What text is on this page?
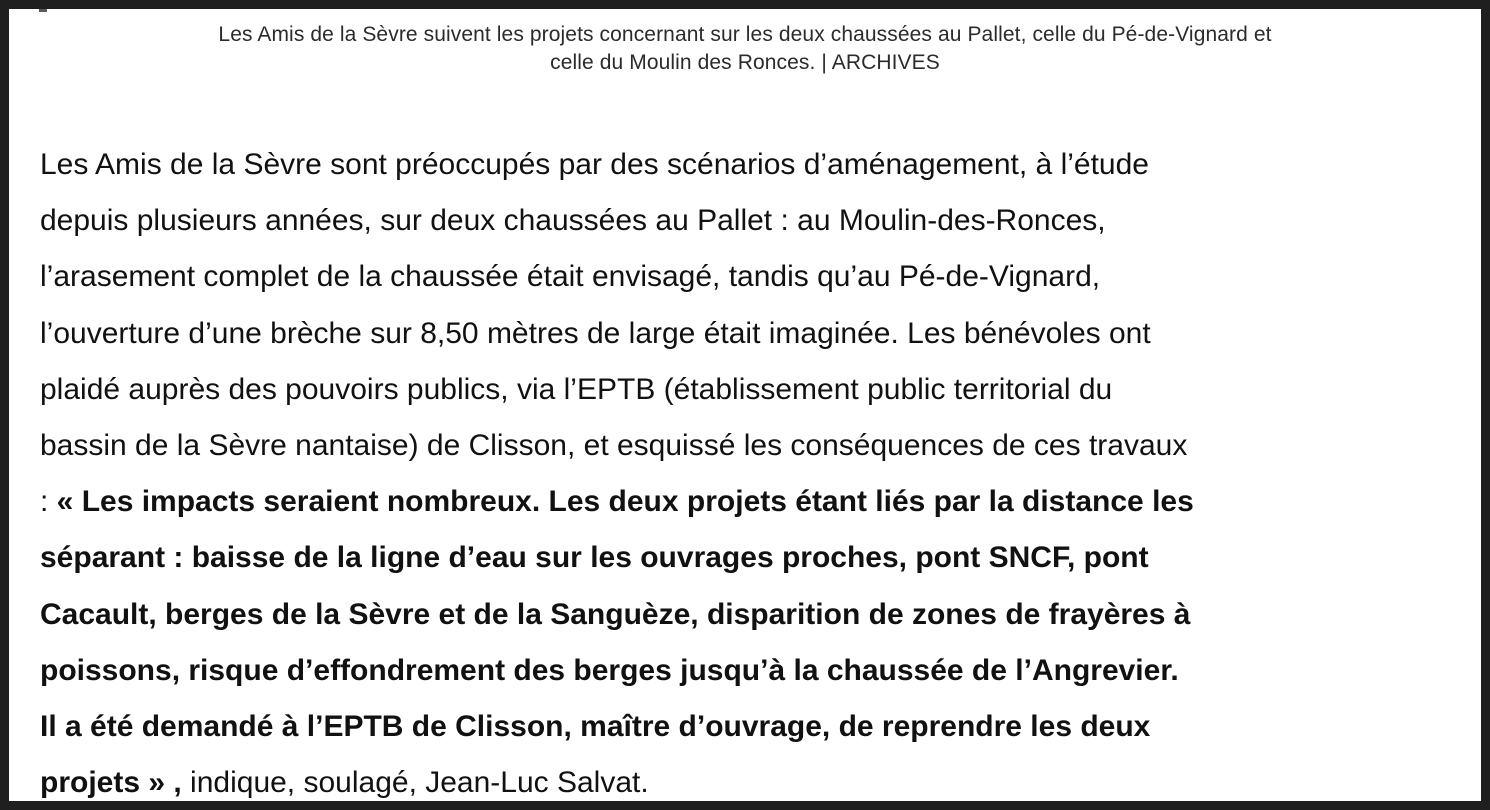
Les Amis de la Sèvre suivent les projets concernant sur les deux chaussées au Pallet, celle du Pé-de-Vignard et
celle du Moulin des Ronces. | ARCHIVES

Les Amis de la Sèvre sont préoccupés par des scénarios d’aménagement, à l’étude
depuis plusieurs années, sur deux chaussées au Pallet : au Moulin-des-Ronces,
l’arasement complet de la chaussée était envisagé, tandis qu’au Pé-de-Vignard,
l’ouverture d’une brèche sur 8,50 mètres de large était imaginée. Les bénévoles ont
plaidé auprès des pouvoirs publics, via l’EPTB (établissement public territorial du
bassin de la Sèvre nantaise) de Clisson, et esquissé les conséquences de ces travaux
: « Les impacts seraient nombreux. Les deux projets étant liés par la distance les
séparant : baisse de la ligne d’eau sur les ouvrages proches, pont SNCF, pont
Cacault, berges de la Sèvre et de la Sanguèze, disparition de zones de frayères à
poissons, risque d’effondrement des berges jusqu’à la chaussée de l’Angrevier.
Il a été demandé à l’EPTB de Clisson, maître d’ouvrage, de reprendre les deux
projets » , indique, soulagé, Jean-Luc Salvat.
